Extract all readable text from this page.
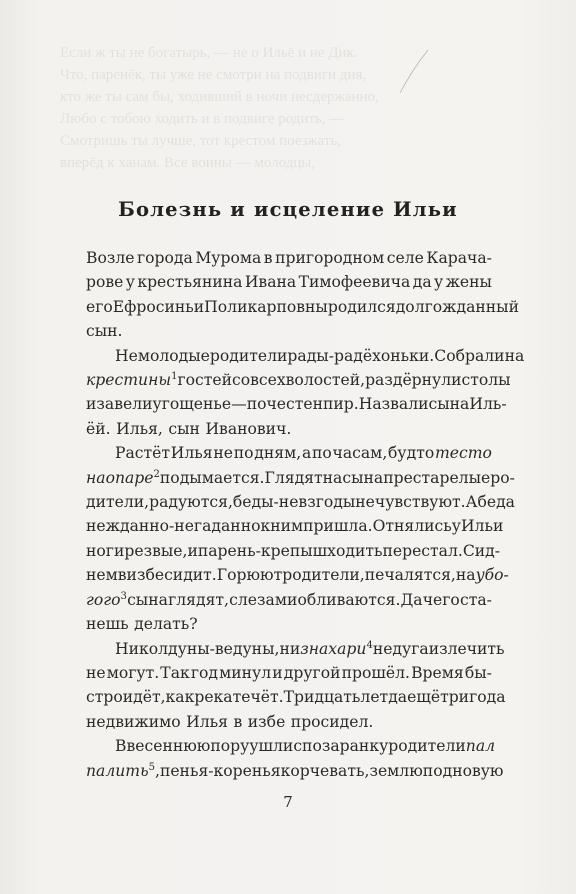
Если ж ты не богатырь, — не о Ильё и не Дик.
Что, паренёк, ты уже не смотри на подвиги дня,
кто же ты сам бы, ходивший в ночи несдержанно,
Любо с тобою ходить и в подвиге родить, —
Смотришь ты лучше, тот крестом поезжать,
вперёд к ханам. Все воины — молодцы,
Болезнь и исцеление Ильи
Возле города Мурома в пригородном селе Карача-
рове у крестьянина Ивана Тимофеевича да у жены
его Ефросиньи Поликарповны родился долгожданный
сын.
Немолодые родители рады-радёхоньки. Собрали на
крестины$^1$ гостей со всех волостей, раздёрнули столы
и завели угощенье — почестен пир. Назвали сына Иль-
ёй. Илья, сын Иванович.
Растёт Илья не по дням, а по часам, будто тесто
на опаре$^2$ подымается. Глядят на сына престарелые ро-
дители, радуются, беды-невзгоды не чувствуют. А беда
нежданно-негаданно к ним пришла. Отнялись у Ильи
ноги резвые, и парень-крепыш ходить перестал. Сид-
нем в избе сидит. Горюют родители, печалятся, на убо-
гого$^3$ сына глядят, слезами обливаются. Да чего ста-
нешь делать?
Ни колдуны-ведуны, ни знахари$^4$ недуга излечить
не могут. Так год минул и другой прошёл. Время бы-
стро идёт, как река течёт. Тридцать лет да ещё три года
недвижимо Илья в избе просидел.
В весеннюю пору ушли спозаранку родители пал
палить$^5$, пенья-коренья корчевать, землю под новую
7
